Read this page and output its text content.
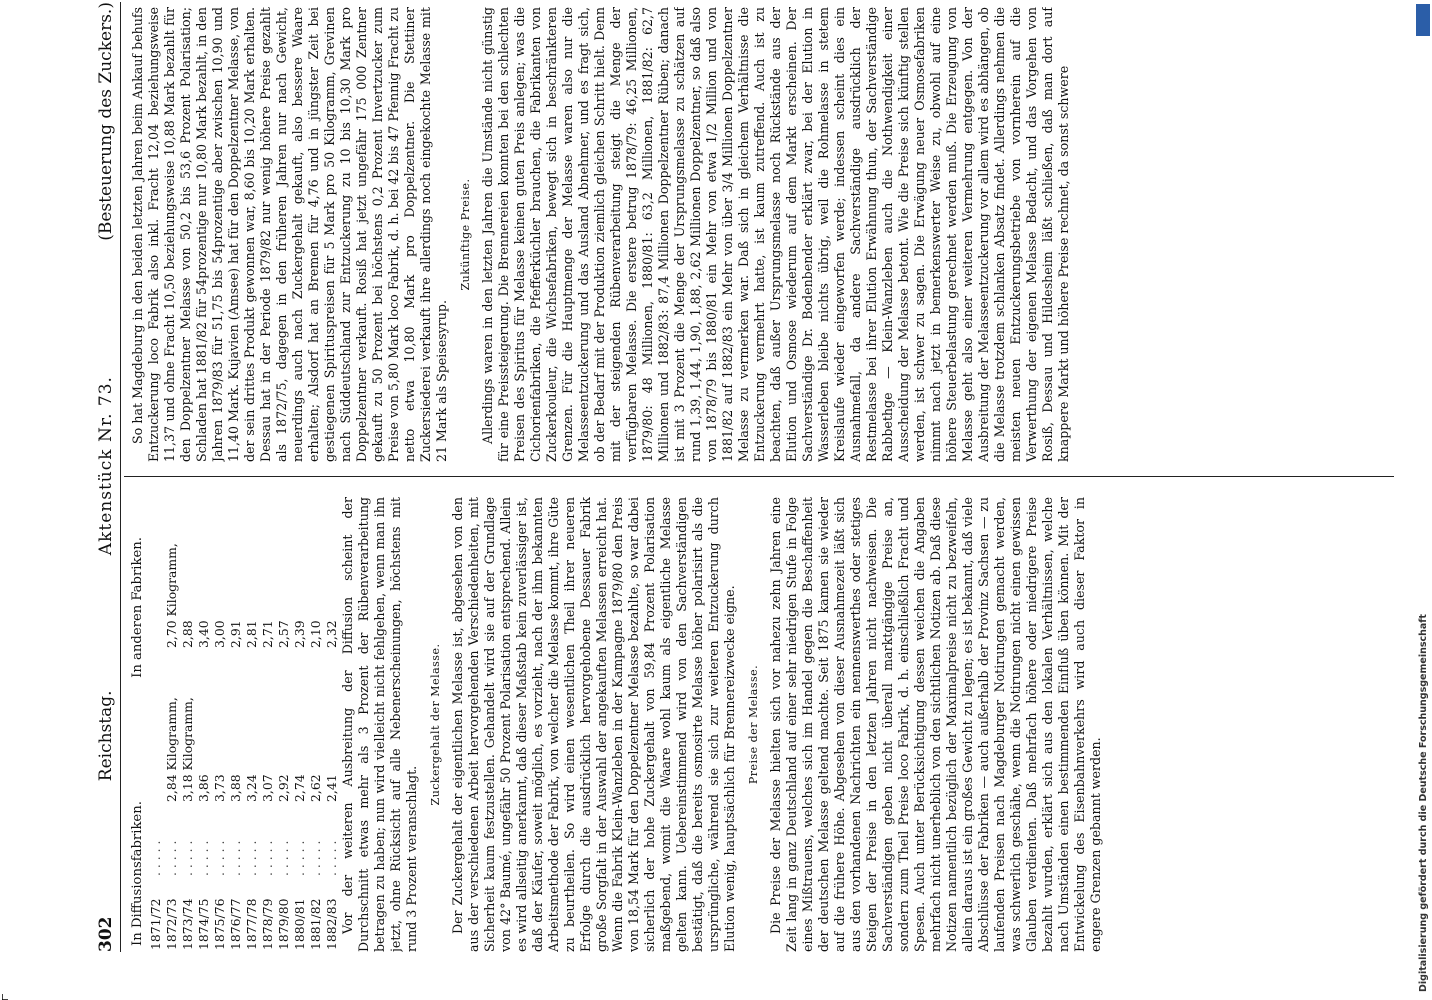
302
Reichstag.
Aktenstück Nr. 73.
(Besteuerung des Zuckers.)
In Diffusionsfabriken.
In anderen Fabriken.
1871/72	. . . . .		
1872/73	. . . . .	2,84 Kilogramm,	2,70 Kilogramm,
1873/74	. . . . .	3,18 Kilogramm,	2,88
1874/75	. . . . .	3,86	3,40
1875/76	. . . . .	3,73	3,00
1876/77	. . . . .	3,88	2,91
1877/78	. . . . .	3,24	2,81
1878/79	. . . . .	3,07	2,71
1879/80	. . . . .	2,92	2,57
1880/81	. . . . .	2,74	2,39
1881/82	. . . . .	2,62	2,10
1882/83	. . . . .	2,41	2,32 Vor der weiteren Ausbreitung der Diffusion scheint der Durchschnitt etwas mehr als 3 Prozent der Rübenverarbeitung betragen zu haben; nun wird vielleicht nicht fehlgehen, wenn man ihn jetzt, ohne Rücksicht auf alle Nebenerscheinungen, höchstens mit rund 3 Prozent veranschlagt.

Zuckergehalt der Melasse. Der Zuckergehalt der eigentlichen Melasse ist, abgesehen von den aus der verschiedenen Arbeit hervorgehenden Verschiedenheiten, mit Sicherheit kaum festzustellen. Gehandelt wird sie auf der Grundlage von 42° Baumé, ungefähr 50 Prozent Polarisation entsprechend. Allein es wird allseitig anerkannt, daß dieser Maßstab kein zuverlässiger ist, daß der Käufer, soweit möglich, es vorzieht, nach der ihm bekannten Arbeitsmethode der Fabrik, von welcher die Melasse kommt, ihre Güte zu beurtheilen. So wird einen wesentlichen Theil ihrer neueren Erfolge durch die ausdrücklich hervorgehobene Dessauer Fabrik große Sorgfalt in der Auswahl der angekauften Melassen erreicht hat. Wenn die Fabrik Klein-Wanzleben in der Kampagne 1879/80 den Preis von 18,54 Mark für den Doppelzentner Melasse bezahlte, so war dabei sicherlich der hohe Zuckergehalt von 59,84 Prozent Polarisation maßgebend, womit die Waare wohl kaum als eigentliche Melasse gelten kann. Uebereinstimmend wird von den Sachverständigen bestätigt, daß die bereits osmosirte Melasse höher polarisirt als die ursprüngliche, während sie sich zur weiteren Entzuckerung durch Elution wenig, hauptsächlich für Brennereizwecke eigne. Preise der Melasse. Die Preise der Melasse hielten sich vor nahezu zehn Jahren eine Zeit lang in ganz Deutschland auf einer sehr niedrigen Stufe in Folge eines Mißtrauens, welches sich im Handel gegen die Beschaffenheit der deutschen Melasse geltend machte. Seit 1875 kamen sie wieder auf die frühere Höhe. Abgesehen von dieser Ausnahmezeit läßt sich aus den vorhandenen Nachrichten ein nennenswerthes oder stetiges Steigen der Preise in den letzten Jahren nicht nachweisen. Die Sachverständigen geben nicht überall marktgängige Preise an, sondern zum Theil Preise loco Fabrik, d. h. einschließlich Fracht und Spesen. Auch unter Berücksichtigung dessen weichen die Angaben mehrfach nicht unerheblich von den sichtlichen Notizen ab. Daß diese Notizen namentlich bezüglich der Maximalpreise nicht zu bezweifeln, allein daraus ist ein großes Gewicht zu legen; es ist bekannt, daß viele Abschlüsse der Fabriken — auch außerhalb der Provinz Sachsen — zu laufenden Preisen nach Magdeburger Notirungen gemacht werden, was schwerlich geschähe, wenn die Notirungen nicht einen gewissen Glauben verdienten. Daß mehrfach höhere oder niedrigere Preise bezahlt wurden, erklärt sich aus den lokalen Verhältnissen, welche nach Umständen einen bestimmenden Einfluß üben können. Mit der Entwickelung des Eisenbahnverkehrs wird auch dieser Faktor in engere Grenzen gebannt werden.

So hat Magdeburg in den beiden letzten Jahren beim Ankauf behufs Entzuckerung loco Fabrik also inkl. Fracht 12,04 beziehungsweise 11,37 und ohne Fracht 10,50 beziehungsweise 10,88 Mark bezahlt für den Doppelzentner Melasse von 50,2 bis 53,6 Prozent Polarisation; Schladen hat 1881/82 für 54prozentige nur 10,80 Mark bezahlt, in den Jahren 1879/83 für 51,75 bis 54prozentige aber zwischen 10,90 und 11,40 Mark. Kujavien (Amsee) hat für den Doppelzentner Melasse, von der sein drittes Produkt gewonnen war, 8,60 bis 10,20 Mark erhalten. Dessau hat in der Periode 1879/82 nur wenig höhere Preise gezahlt als 1872/75, dagegen in den früheren Jahren nur nach Gewicht, neuerdings auch nach Zuckergehalt gekauft, also bessere Waare erhalten; Alsdorf hat an Bremen für 4,76 und in jüngster Zeit bei gestiegenen Spirituspreisen für 5 Mark pro 50 Kilogramm, Grevinen nach Süddeutschland zur Entzuckerung zu 10 bis 10,30 Mark pro Doppelzentner verkauft. Rosiß hat jetzt ungefähr 175 000 Zentner gekauft zu 50 Prozent bei höchstens 0,2 Prozent Invertzucker zum Preise von 5,80 Mark loco Fabrik, d. h. bei 42 bis 47 Pfennig Fracht zu netto etwa 10,80 Mark pro Doppelzentner. Die Stettiner Zuckersiederei verkauft ihre allerdings noch eingekochte Melasse mit 21 Mark als Speisesyrup.

Zukünftige Preise. Allerdings waren in den letzten Jahren die Umstände nicht günstig für eine Preissteigerung. Die Brennereien konnten bei den schlechten Preisen des Spiritus für Melasse keinen guten Preis anlegen; was die Cichorienfabriken, die Pfefferküchler brauchen, die Fabrikanten von Zuckerkouleur, die Wichsefabriken, bewegt sich in beschränkteren Grenzen. Für die Hauptmenge der Melasse waren also nur die Melasseentzuckerung und das Ausland Abnehmer, und es fragt sich, ob der Bedarf mit der Produktion ziemlich gleichen Schritt hielt. Denn mit der steigenden Rübenverarbeitung steigt die Menge der verfügbaren Melasse. Die erstere betrug 1878/79: 46,25 Millionen, 1879/80: 48 Millionen, 1880/81: 63,2 Millionen, 1881/82: 62,7 Millionen und 1882/83: 87,4 Millionen Doppelzentner Rüben; danach ist mit 3 Prozent die Menge der Ursprungsmelasse zu schätzen auf rund 1,39, 1,44, 1,90, 1,88, 2,62 Millionen Doppelzentner, so daß also von 1878/79 bis 1880/81 ein Mehr von etwa 1/2 Million und von 1881/82 auf 1882/83 ein Mehr von über 3/4 Millionen Doppelzentner Melasse zu vermerken war. Daß sich in gleichem Verhältnisse die Entzuckerung vermehrt hatte, ist kaum zutreffend. Auch ist zu beachten, daß außer Ursprungsmelasse noch Rückstände aus der Elution und Osmose wiederum auf dem Markt erscheinen. Der Sachverständige Dr. Bodenbender erklärt zwar, bei der Elution in Wasserleben bleibe nichts übrig, weil die Rohmelasse in stetem Kreislaufe wieder eingeworfen werde; indessen scheint dies ein Ausnahmefall, da andere Sachverständige ausdrücklich der Restmelasse bei ihrer Elution Erwähnung thun, der Sachverständige Rabbethge — Klein-Wanzleben auch die Nothwendigkeit einer Ausscheidung der Melasse betont. Wie die Preise sich künftig stellen werden, ist schwer zu sagen. Die Erwägung neuer Osmosefabriken nimmt nach jetzt in bemerkenswerter Weise zu, obwohl auf eine höhere Steuerbelastung gerechnet werden muß. Die Erzeugung von Melasse geht also einer weiteren Vermehrung entgegen. Von der Ausbreitung der Melasseentzuckerung vor allem wird es abhängen, ob die Melasse trotzdem schlanken Absatz findet. Allerdings nehmen die meisten neuen Entzuckerungsbetriebe von vornherein auf die Verwerthung der eigenen Melasse Bedacht, und das Vorgehen von Rosiß, Dessau und Hildesheim läßt schließen, daß man dort auf knappere Markt und höhere Preise rechnet, da sonst schwere

Digitalisierung gefördert durch die Deutsche Forschungsgemeinschaft
